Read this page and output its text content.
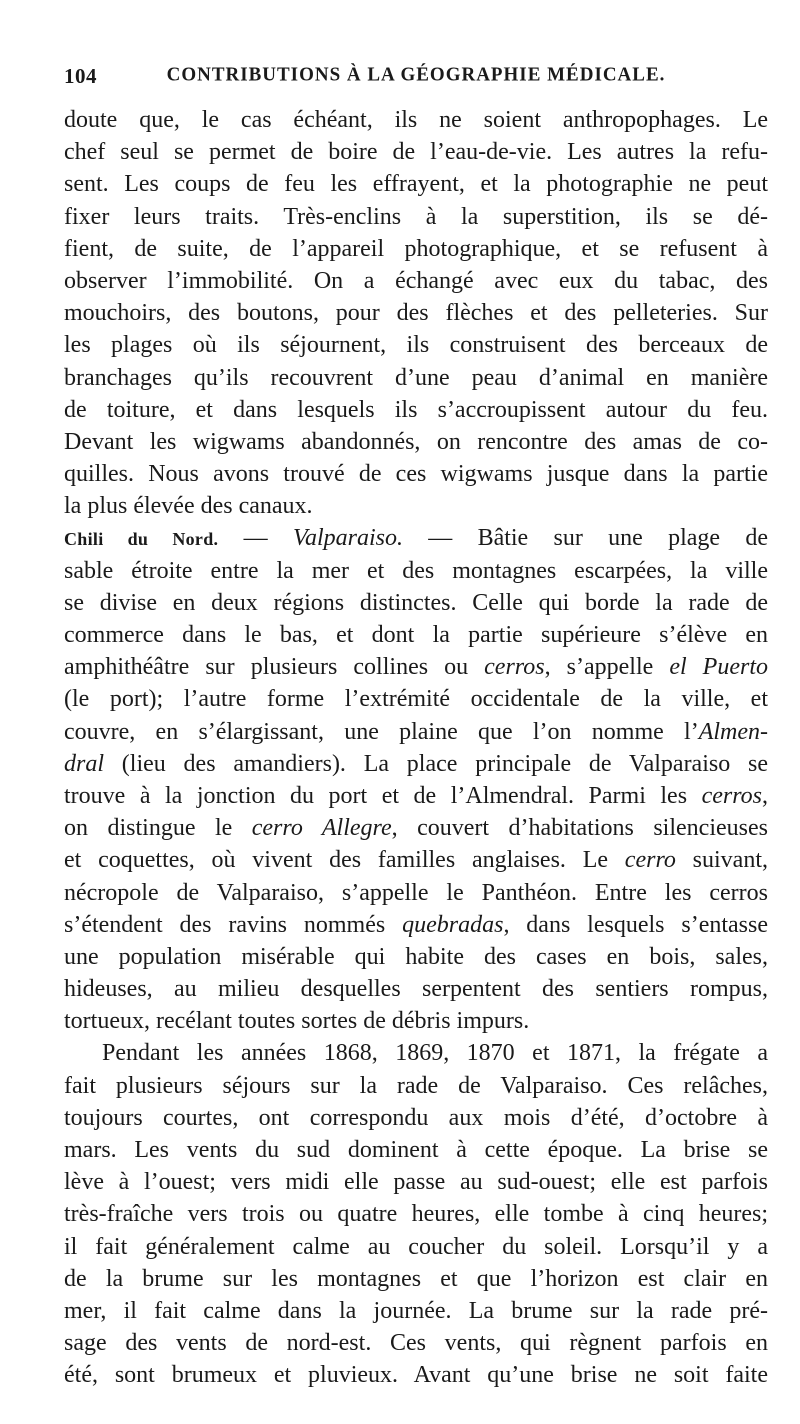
104	CONTRIBUTIONS À LA GÉOGRAPHIE MÉDICALE.
doute que, le cas échéant, ils ne soient anthropophages. Le
chef seul se permet de boire de l’eau-de-vie. Les autres la refu-
sent. Les coups de feu les effrayent, et la photographie ne peut
fixer leurs traits. Très-enclins à la superstition, ils se dé-
fient, de suite, de l’appareil photographique, et se refusent à
observer l’immobilité. On a échangé avec eux du tabac, des
mouchoirs, des boutons, pour des flèches et des pelleteries. Sur
les plages où ils séjournent, ils construisent des berceaux de
branchages qu’ils recouvrent d’une peau d’animal en manière
de toiture, et dans lesquels ils s’accroupissent autour du feu.
Devant les wigwams abandonnés, on rencontre des amas de co-
quilles. Nous avons trouvé de ces wigwams jusque dans la partie
la plus élevée des canaux.
Chili du Nord. — Valparaiso. — Bâtie sur une plage de
sable étroite entre la mer et des montagnes escarpées, la ville
se divise en deux régions distinctes. Celle qui borde la rade de
commerce dans le bas, et dont la partie supérieure s’élève en
amphithéâtre sur plusieurs collines ou cerros, s’appelle el Puerto
(le port); l’autre forme l’extrémité occidentale de la ville, et
couvre, en s’élargissant, une plaine que l’on nomme l’Almen-
dral (lieu des amandiers). La place principale de Valparaiso se
trouve à la jonction du port et de l’Almendral. Parmi les cerros,
on distingue le cerro Allegre, couvert d’habitations silencieuses
et coquettes, où vivent des familles anglaises. Le cerro suivant,
nécropole de Valparaiso, s’appelle le Panthéon. Entre les cerros
s’étendent des ravins nommés quebradas, dans lesquels s’entasse
une population misérable qui habite des cases en bois, sales,
hideuses, au milieu desquelles serpentent des sentiers rompus,
tortueux, recélant toutes sortes de débris impurs.
Pendant les années 1868, 1869, 1870 et 1871, la frégate a
fait plusieurs séjours sur la rade de Valparaiso. Ces relâches,
toujours courtes, ont correspondu aux mois d’été, d’octobre à
mars. Les vents du sud dominent à cette époque. La brise se
lève à l’ouest; vers midi elle passe au sud-ouest; elle est parfois
très-fraîche vers trois ou quatre heures, elle tombe à cinq heures;
il fait généralement calme au coucher du soleil. Lorsqu’il y a
de la brume sur les montagnes et que l’horizon est clair en
mer, il fait calme dans la journée. La brume sur la rade pré-
sage des vents de nord-est. Ces vents, qui règnent parfois en
été, sont brumeux et pluvieux. Avant qu’une brise ne soit faite
